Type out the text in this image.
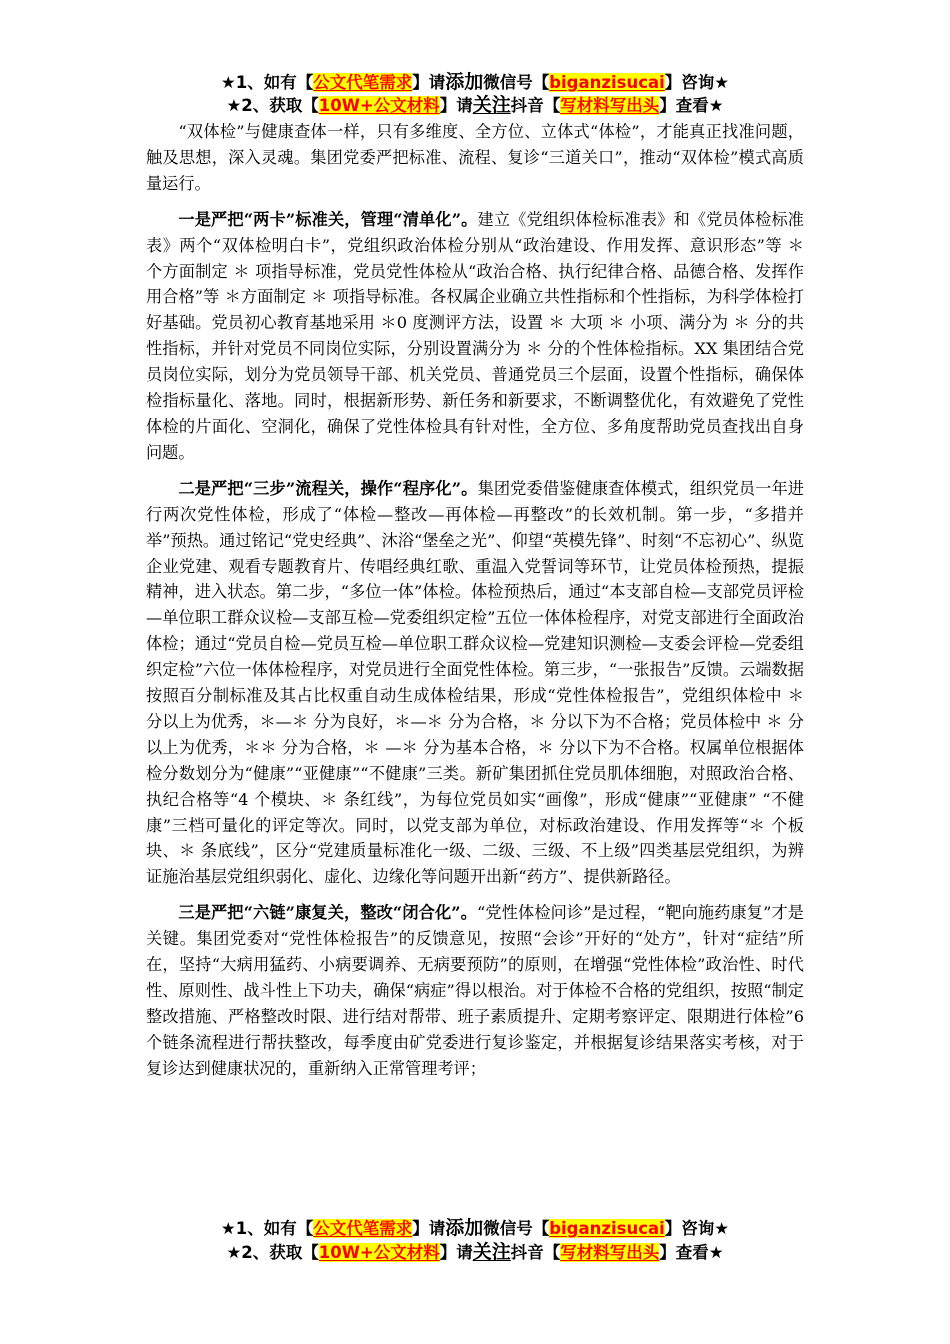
★1、如有【公文代笔需求】请添加微信号【biganzisucai】咨询★
★2、获取【10W+公文材料】请关注抖音【写材料写出头】查看★

“双体检”与健康查体一样，只有多维度、全方位、立体式“体检”，才能真正找准问题，触及思想，深入灵魂。集团党委严把标准、流程、复诊“三道关口”，推动“双体检”模式高质量运行。

一是严把“两卡”标准关，管理“清单化”。建立《党组织体检标准表》和《党员体检标准表》两个“双体检明白卡”，党组织政治体检分别从“政治建设、作用发挥、意识形态”等 ＊ 个方面制定 ＊ 项指导标准，党员党性体检从“政治合格、执行纪律合格、品德合格、发挥作用合格”等 ＊方面制定 ＊ 项指导标准。各权属企业确立共性指标和个性指标，为科学体检打好基础。党员初心教育基地采用 ＊0 度测评方法，设置 ＊ 大项 ＊ 小项、满分为 ＊ 分的共性指标，并针对党员不同岗位实际，分别设置满分为 ＊ 分的个性体检指标。XX 集团结合党员岗位实际，划分为党员领导干部、机关党员、普通党员三个层面，设置个性指标，确保体检指标量化、落地。同时，根据新形势、新任务和新要求，不断调整优化，有效避免了党性体检的片面化、空洞化，确保了党性体检具有针对性，全方位、多角度帮助党员查找出自身问题。

二是严把“三步”流程关，操作“程序化”。集团党委借鉴健康查体模式，组织党员一年进行两次党性体检，形成了“体检—整改—再体检—再整改”的长效机制。第一步，“多措并举”预热。通过铭记“党史经典”、沐浴“堡垒之光”、仰望“英模先锋”、时刻“不忘初心”、纵览企业党建、观看专题教育片、传唱经典红歌、重温入党誓词等环节，让党员体检预热，提振精神，进入状态。第二步，“多位一体”体检。体检预热后，通过“本支部自检—支部党员评检—单位职工群众议检—支部互检—党委组织定检”五位一体体检程序，对党支部进行全面政治体检；通过“党员自检—党员互检—单位职工群众议检—党建知识测检—支委会评检—党委组织定检”六位一体体检程序，对党员进行全面党性体检。第三步，“一张报告”反馈。云端数据按照百分制标准及其占比权重自动生成体检结果，形成“党性体检报告”，党组织体检中 ＊ 分以上为优秀，＊—＊ 分为良好，＊—＊ 分为合格，＊ 分以下为不合格；党员体检中 ＊ 分以上为优秀，＊＊ 分为合格，＊ —＊ 分为基本合格，＊ 分以下为不合格。权属单位根据体检分数划分为“健康”“亚健康”“不健康”三类。新矿集团抓住党员肌体细胞，对照政治合格、执纪合格等“4 个模块、＊ 条红线”，为每位党员如实“画像”，形成“健康”“亚健康” “不健康”三档可量化的评定等次。同时，以党支部为单位，对标政治建设、作用发挥等“＊ 个板块、＊ 条底线”，区分“党建质量标准化一级、二级、三级、不上级”四类基层党组织，为辨证施治基层党组织弱化、虚化、边缘化等问题开出新“药方”、提供新路径。

三是严把“六链”康复关，整改“闭合化”。“党性体检问诊”是过程，“靶向施药康复”才是关键。集团党委对“党性体检报告”的反馈意见，按照“会诊”开好的“处方”，针对“症结”所在，坚持“大病用猛药、小病要调养、无病要预防”的原则，在增强“党性体检”政治性、时代性、原则性、战斗性上下功夫，确保“病症”得以根治。对于体检不合格的党组织，按照“制定整改措施、严格整改时限、进行结对帮带、班子素质提升、定期考察评定、限期进行体检”6 个链条流程进行帮扶整改，每季度由矿党委进行复诊鉴定，并根据复诊结果落实考核，对于复诊达到健康状况的，重新纳入正常管理考评；

★1、如有【公文代笔需求】请添加微信号【biganzisucai】咨询★
★2、获取【10W+公文材料】请关注抖音【写材料写出头】查看★
